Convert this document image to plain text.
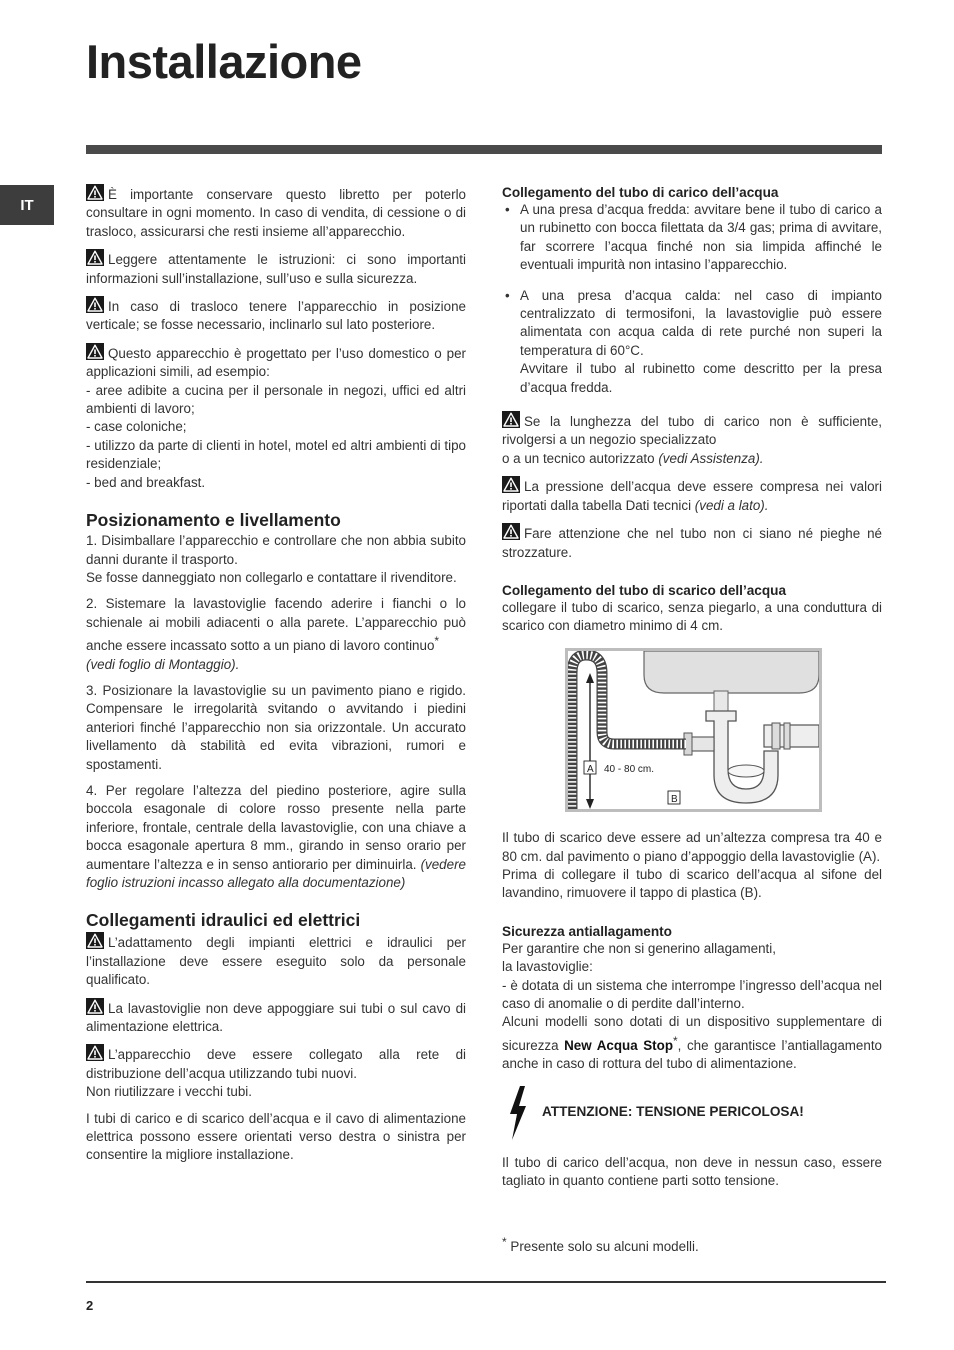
Installazione
IT

È importante conservare questo libretto per poterlo consultare in ogni momento. In caso di vendita, di cessione o di trasloco, assicurarsi che resti insieme all’apparecchio.

Leggere attentamente le istruzioni: ci sono importanti informazioni sull’installazione, sull’uso e sulla sicurezza.

In caso di trasloco tenere l’apparecchio in posizione verticale; se fosse necessario, inclinarlo sul lato posteriore.

Questo apparecchio è progettato per l’uso domestico o per applicazioni simili, ad esempio:

- aree adibite a cucina per il personale in negozi, uffici ed altri ambienti di lavoro;

- case coloniche;

- utilizzo da parte di clienti in hotel, motel ed altri ambienti di tipo residenziale;

- bed and breakfast.

Posizionamento e livellamento

1. Disimballare l’apparecchio e controllare che non abbia subito danni durante il trasporto.

Se fosse danneggiato non collegarlo e contattare il rivenditore.

2. Sistemare la lavastoviglie facendo aderire i fianchi o lo schienale ai mobili adiacenti o alla parete. L’apparecchio può anche essere incassato sotto a un piano di lavoro continuo*
(vedi foglio di Montaggio).

3. Posizionare la lavastoviglie su un pavimento piano e rigido. Compensare le irregolarità svitando o avvitando i piedini anteriori finché l’apparecchio non sia orizzontale. Un accurato livellamento dà stabilità ed evita vibrazioni, rumori e spostamenti.

4. Per regolare l’altezza del piedino posteriore, agire sulla boccola esagonale di colore rosso presente nella parte inferiore, frontale, centrale della lavastoviglie, con una chiave a bocca esagonale apertura 8 mm., girando in senso orario per aumentare l’altezza e in senso antiorario per diminuirla. (vedere foglio istruzioni incasso allegato alla documentazione)

Collegamenti idraulici ed elettrici

L’adattamento degli impianti elettrici e idraulici per l’installazione deve essere eseguito solo da personale qualificato.

La lavastoviglie non deve appoggiare sui tubi o sul cavo di alimentazione elettrica.

L’apparecchio deve essere collegato alla rete di distribuzione dell’acqua utilizzando tubi nuovi.
Non riutilizzare i vecchi tubi.

I tubi di carico e di scarico dell’acqua e il cavo di alimentazione elettrica possono essere orientati verso destra o sinistra per consentire la migliore installazione.

Collegamento del tubo di carico dell’acqua

• A una presa d’acqua fredda: avvitare bene il tubo di carico a un rubinetto con bocca filettata da 3/4 gas; prima di avvitare, far scorrere l’acqua finché non sia limpida affinché le eventuali impurità non intasino l’apparecchio.

• A una presa d’acqua calda: nel caso di impianto centralizzato di termosifoni, la lavastoviglie può essere alimentata con acqua calda di rete purché non superi la temperatura di 60°C.

Avvitare il tubo al rubinetto come descritto per la presa d’acqua fredda.

Se la lunghezza del tubo di carico non è sufficiente, rivolgersi a un negozio specializzato
o a un tecnico autorizzato (vedi Assistenza).

La pressione dell’acqua deve essere compresa nei valori riportati dalla tabella Dati tecnici (vedi a lato).

Fare attenzione che nel tubo non ci siano né pieghe né strozzature.

Collegamento del tubo di scarico dell’acqua

collegare il tubo di scarico, senza piegarlo, a una conduttura di scarico con diametro minimo di 4 cm.

A 40 - 80 cm.
B

Il tubo di scarico deve essere ad un’altezza compresa tra 40 e 80 cm. dal pavimento o piano d’appoggio della lavastoviglie (A).

Prima di collegare il tubo di scarico dell’acqua al sifone del lavandino, rimuovere il tappo di plastica (B).

Sicurezza antiallagamento

Per garantire che non si generino allagamenti,

la lavastoviglie:

- è dotata di un sistema che interrompe l’ingresso dell’acqua nel caso di anomalie o di perdite dall’interno.

Alcuni modelli sono dotati di un dispositivo supplementare di sicurezza New Acqua Stop*, che garantisce l’antiallagamento anche in caso di rottura del tubo di alimentazione.

ATTENZIONE: TENSIONE PERICOLOSA!

Il tubo di carico dell’acqua, non deve in nessun caso, essere tagliato in quanto contiene parti sotto tensione.

* Presente solo su alcuni modelli.
2
